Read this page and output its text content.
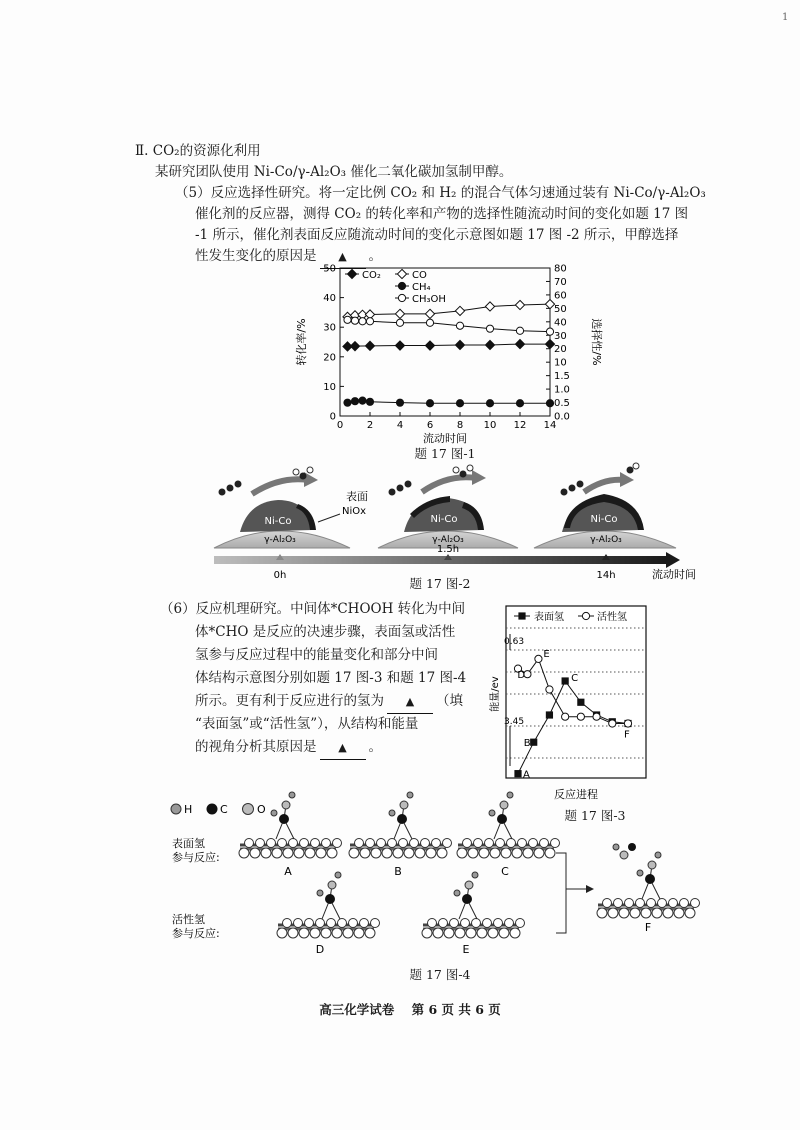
1
Ⅱ. CO₂的资源化利用
某研究团队使用 Ni-Co/γ-Al₂O₃ 催化二氧化碳加氢制甲醇。
（5）反应选择性研究。将一定比例 CO₂ 和 H₂ 的混合气体匀速通过装有 Ni-Co/γ-Al₂O₃
催化剂的反应器，测得 CO₂ 的转化率和产物的选择性随流动时间的变化如题 17 图
-1 所示，催化剂表面反应随流动时间的变化示意图如题 17 图 -2 所示，甲醇选择
性发生变化的原因是 ▲ 。
0 2 4 6 8 10 12 14
0
10
20
30
40
50
0.0
0.5
1.0
1.5
10
20
30
40
50
60
70
80
流动时间
转化率/%	选择性/%
CO₂	CO
CH₄
CH₃OH
题 17 图-1
Ni-Co
γ-Al₂O₃
表面
NiOx
Ni-Co
γ-Al₂O₃
Ni-Co
γ-Al₂O₃
0h
1.5h
14h	流动时间
题 17 图-2
（6）反应机理研究。中间体*CHOOH 转化为中间
体*CHO 是反应的决速步骤，表面氢或活性
氢参与反应过程中的能量变化和部分中间
体结构示意图分别如题 17 图-3 和题 17 图-4
所示。更有利于反应进行的氢为 ▲ （填
“表面氢”或“活性氢”），从结构和能量
的视角分析其原因是 ▲ 。
表面氢	活性氢
0.63
3.45
能量/ev
A
B
C
D
E
F
反应进程
题 17 图-3
H	C	O
表面氢
参与反应:
活性氢
参与反应:
A	B	C
D	E
F
题 17 图-4
高三化学试卷    第 6 页 共 6 页
